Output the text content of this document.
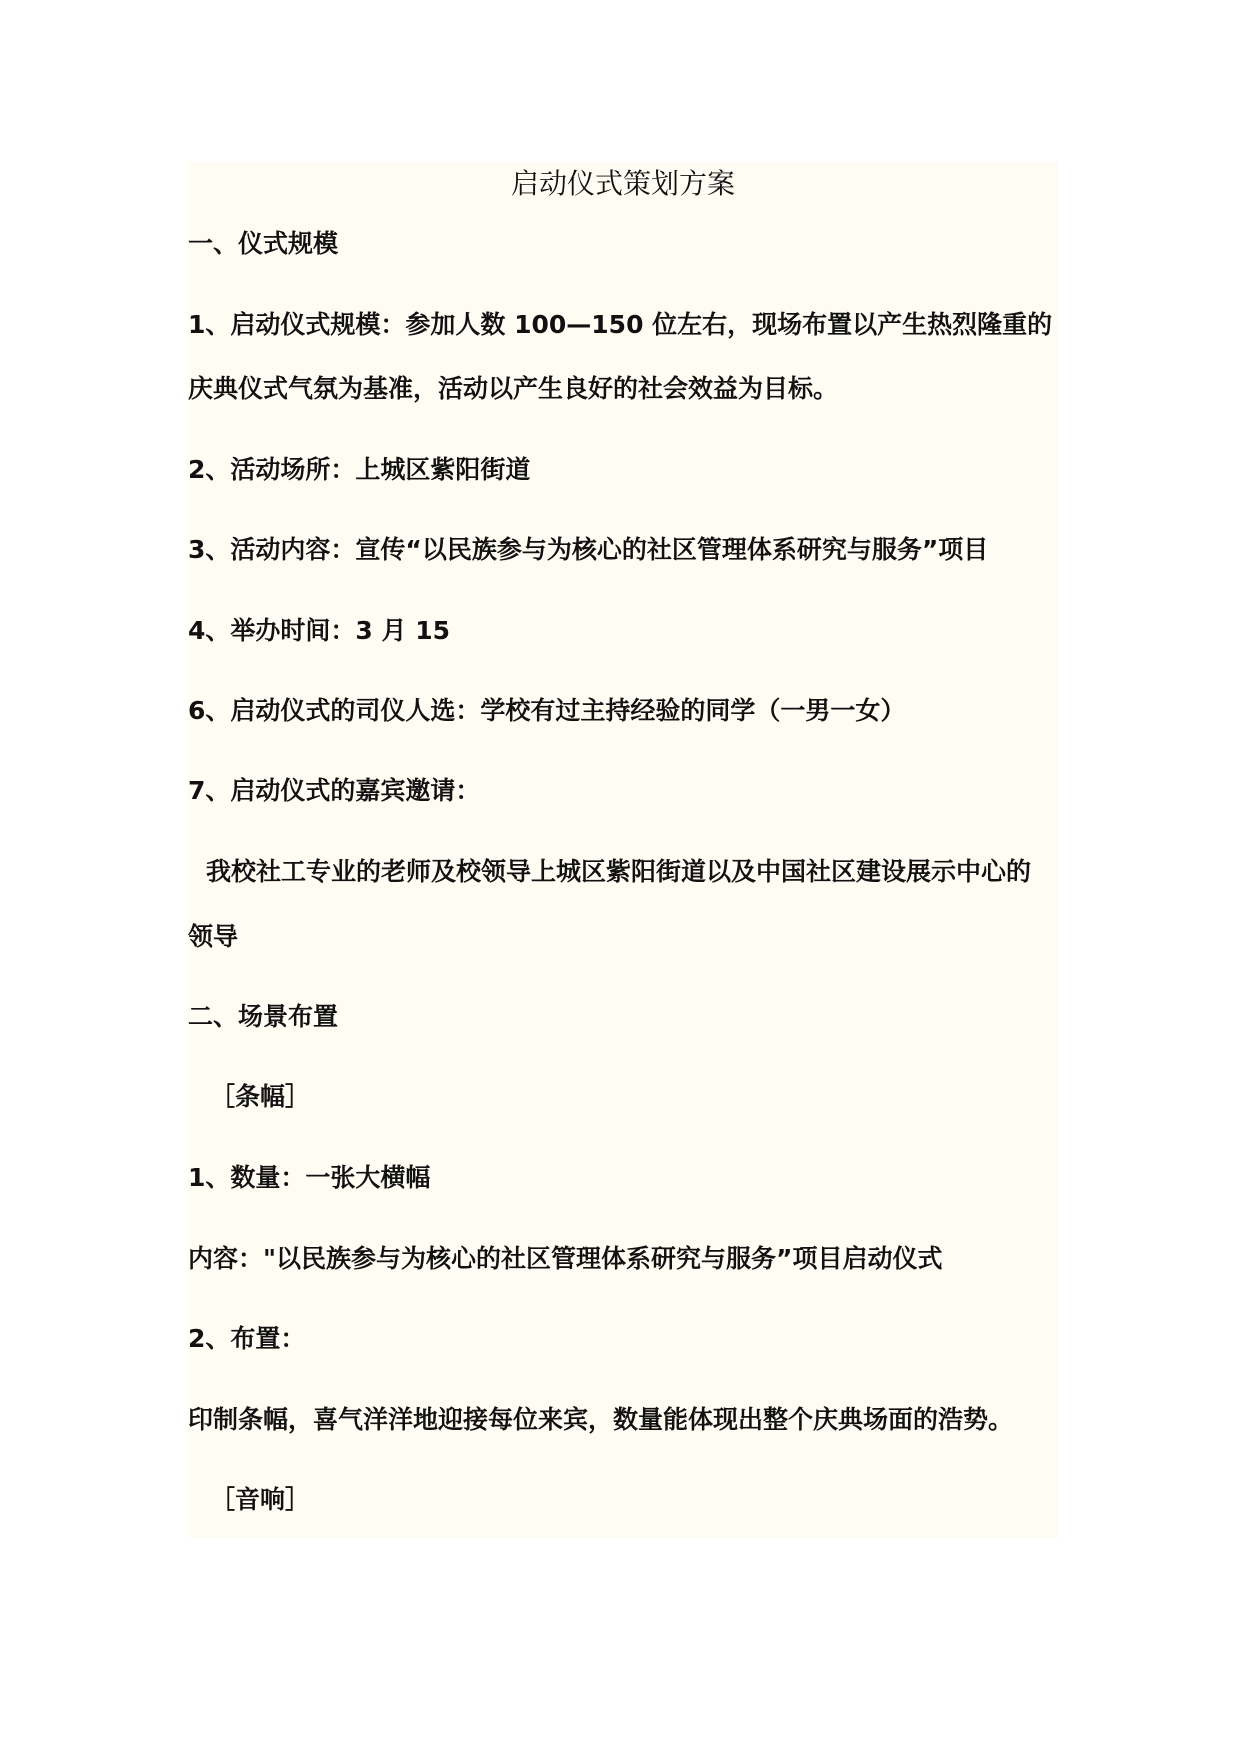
启动仪式策划方案

一、仪式规模

1、启动仪式规模：参加人数 100—150 位左右，现场布置以产生热烈隆重的

庆典仪式气氛为基准，活动以产生良好的社会效益为目标。

2、活动场所：上城区紫阳街道

3、活动内容：宣传“以民族参与为核心的社区管理体系研究与服务”项目

4、举办时间：3 月 15

6、启动仪式的司仪人选：学校有过主持经验的同学（一男一女）

7、启动仪式的嘉宾邀请：

我校社工专业的老师及校领导上城区紫阳街道以及中国社区建设展示中心的

领导

二、场景布置

［条幅］

1、数量：一张大横幅

内容："以民族参与为核心的社区管理体系研究与服务”项目启动仪式

2、布置：

印制条幅，喜气洋洋地迎接每位来宾，数量能体现出整个庆典场面的浩势。

［音响］
